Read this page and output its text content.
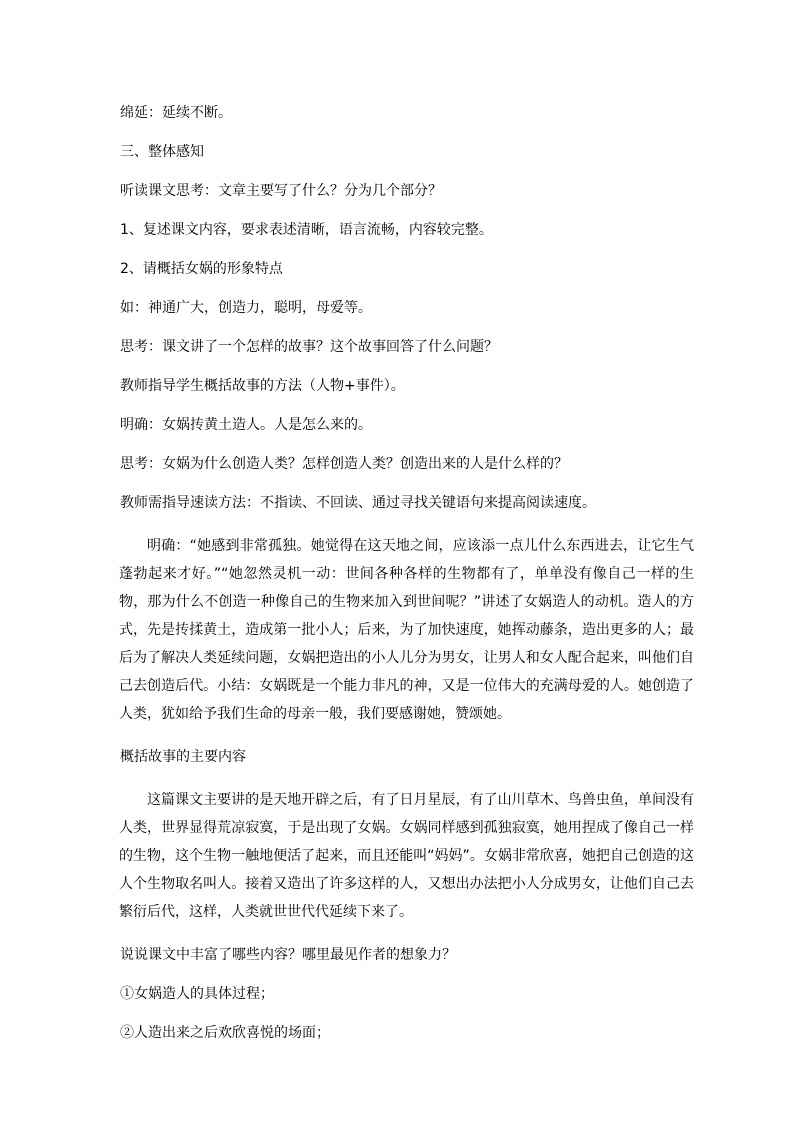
绵延：延续不断。

三、整体感知

听读课文思考：文章主要写了什么？分为几个部分？

1、复述课文内容，要求表述清晰，语言流畅，内容较完整。

2、请概括女娲的形象特点

如：神通广大，创造力，聪明，母爱等。

思考：课文讲了一个怎样的故事？这个故事回答了什么问题？

教师指导学生概括故事的方法（人物+事件）。

明确：女娲抟黄土造人。人是怎么来的。

思考：女娲为什么创造人类？怎样创造人类？创造出来的人是什么样的？

教师需指导速读方法：不指读、不回读、通过寻找关键语句来提高阅读速度。

明确：“她感到非常孤独。她觉得在这天地之间，应该添一点儿什么东西进去，让它生气蓬勃起来才好。”“她忽然灵机一动：世间各种各样的生物都有了，单单没有像自己一样的生物，那为什么不创造一种像自己的生物来加入到世间呢？”讲述了女娲造人的动机。造人的方式，先是抟揉黄土，造成第一批小人；后来，为了加快速度，她挥动藤条，造出更多的人；最后为了解决人类延续问题，女娲把造出的小人儿分为男女，让男人和女人配合起来，叫他们自己去创造后代。小结：女娲既是一个能力非凡的神，又是一位伟大的充满母爱的人。她创造了人类，犹如给予我们生命的母亲一般，我们要感谢她，赞颂她。

概括故事的主要内容

这篇课文主要讲的是天地开辟之后，有了日月星辰，有了山川草木、鸟兽虫鱼，单间没有人类，世界显得荒凉寂寞，于是出现了女娲。女娲同样感到孤独寂寞，她用捏成了像自己一样的生物，这个生物一触地便活了起来，而且还能叫“妈妈”。女娲非常欣喜，她把自己创造的这人个生物取名叫人。接着又造出了许多这样的人，又想出办法把小人分成男女，让他们自己去繁衍后代，这样，人类就世世代代延续下来了。

说说课文中丰富了哪些内容？哪里最见作者的想象力？

①女娲造人的具体过程；

②人造出来之后欢欣喜悦的场面；
